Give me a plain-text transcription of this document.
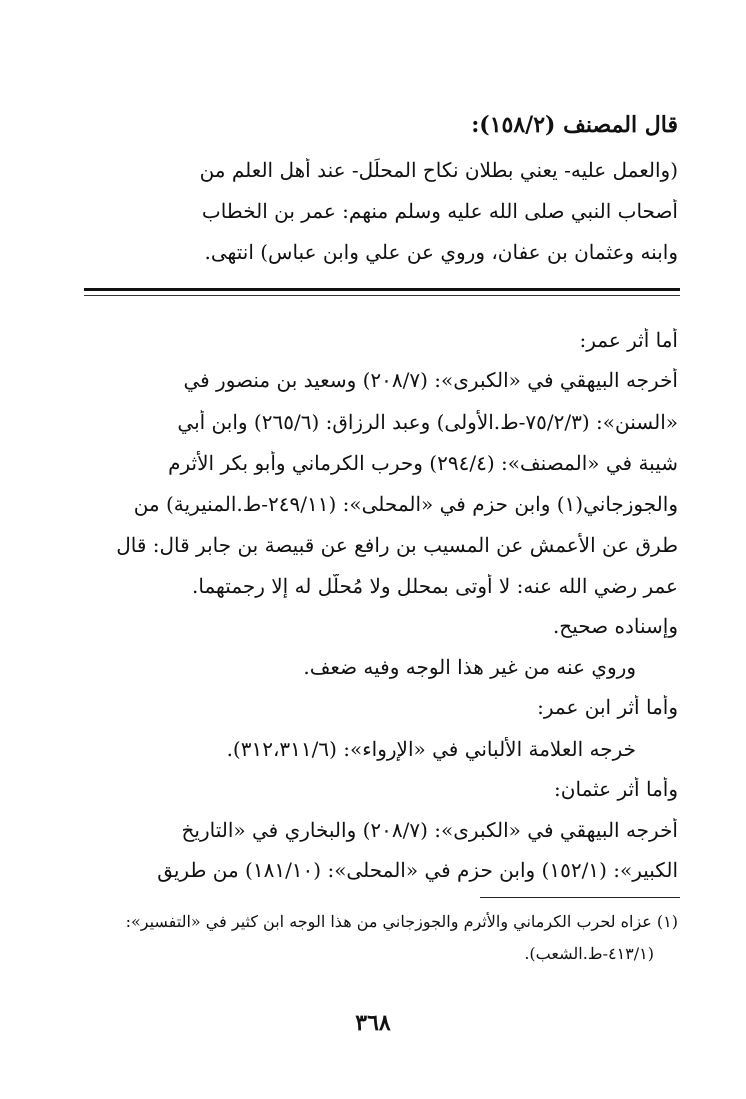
قال المصنف (١٥٨/٢):
(والعمل عليه- يعني بطلان نكاح المحلِّل- عند أهل العلم من
أصحاب النبي صلى الله عليه وسلم منهم: عمر بن الخطاب
وابنه وعثمان بن عفان، وروي عن علي وابن عباس) انتهى.
أما أثر عمر:
أخرجه البيهقي في «الكبرى»: (٢٠٨/٧) وسعيد بن منصور في
«السنن»: (٧٥/٢/٣-ط.الأولى) وعبد الرزاق: (٢٦٥/٦) وابن أبي
شيبة في «المصنف»: (٢٩٤/٤) وحرب الكرماني وأبو بكر الأثرم
والجوزجاني(١) وابن حزم في «المحلى»: (٢٤٩/١١-ط.المنيرية) من
طرق عن الأعمش عن المسيب بن رافع عن قبيصة بن جابر قال: قال
عمر رضي الله عنه: لا أوتى بمحللٍ ولا مُحلَّلٍ له إلا رجمتهما.
وإسناده صحيح.
وروي عنه من غير هذا الوجه وفيه ضعف.
وأما أثر ابن عمر:
خرجه العلامة الألباني في «الإرواء»: (٣١٢،٣١١/٦).
وأما أثر عثمان:
أخرجه البيهقي في «الكبرى»: (٢٠٨/٧) والبخاري في «التاريخ
الكبير»: (١٥٢/١) وابن حزم في «المحلى»: (١٨١/١٠) من طريق
(١) عزاه لحرب الكرماني والأثرم والجوزجاني من هذا الوجه ابن كثير في «التفسير»:
(٤١٣/١-ط.الشعب).
٣٦٨
